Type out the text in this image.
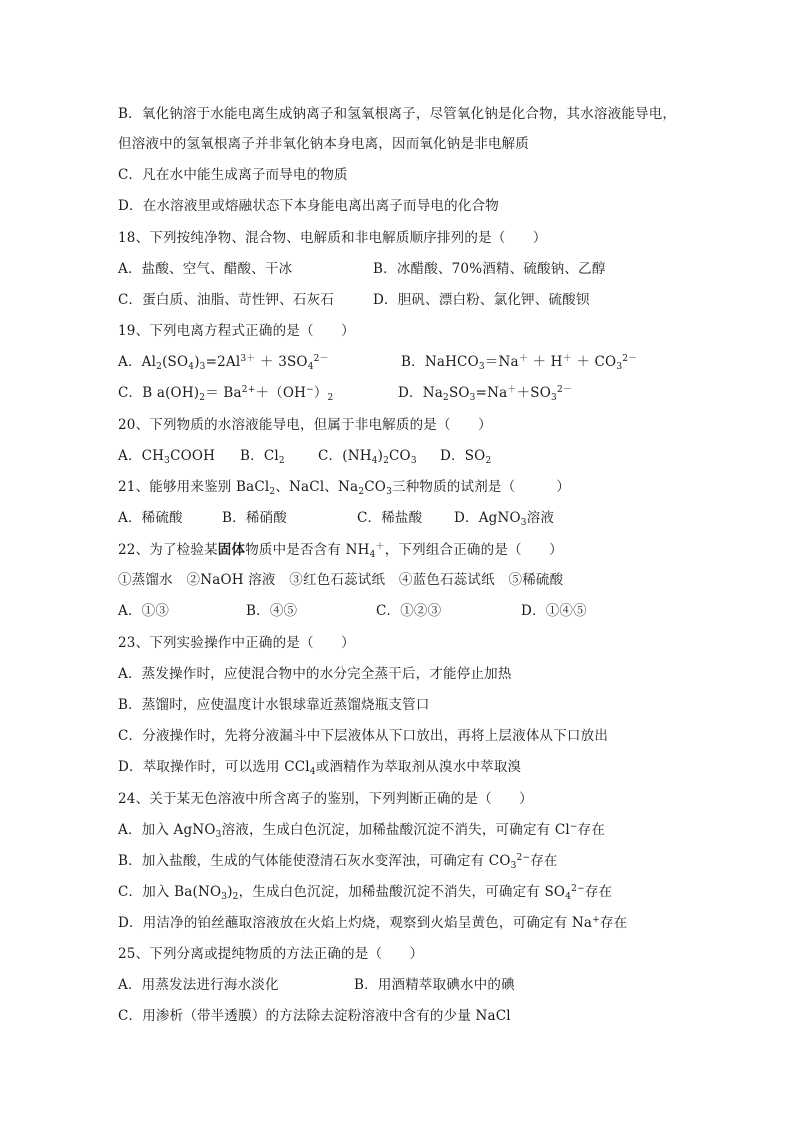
B．氧化钠溶于水能电离生成钠离子和氢氧根离子，尽管氧化钠是化合物，其水溶液能导电，
但溶液中的氢氧根离子并非氧化钠本身电离，因而氧化钠是非电解质
C．凡在水中能生成离子而导电的物质
D．在水溶液里或熔融状态下本身能电离出离子而导电的化合物
18、下列按纯净物、混合物、电解质和非电解质顺序排列的是（　　）
A．盐酸、空气、醋酸、干冰	B．冰醋酸、70%酒精、硫酸钠、乙醇
C．蛋白质、油脂、苛性钾、石灰石	D．胆矾、漂白粉、氯化钾、硫酸钡
19、下列电离方程式正确的是（　　）
A．$Al_2(SO_4)_3=2Al^{3+} + 3SO_4^{2-}$	B．NaHCO$_3$＝Na＋ ＋ $H^+ + CO_3^{2-}$
C．B $a(OH)_2= Ba^{2+}+(OH^-)_2$	D．$Na_2SO_3=Na^++SO_3^{2-}$
20、下列物质的水溶液能导电，但属于非电解质的是（　　）
A．$CH_3COOH$ B．$Cl_2$ C．$(NH_4)_2CO_3$ D．$SO_2$
21、能够用来鉴别 BaCl$_2$、NaCl、$Na_2CO_3$三种物质的试剂是（　　　）
A．稀硫酸	B．稀硝酸	C．稀盐酸 D．AgNO$_3$溶液
22、为了检验某固体物质中是否含有 $NH_4^+$，下列组合正确的是（　　）
①蒸馏水　②NaOH 溶液　③红色石蕊试纸　④蓝色石蕊试纸　⑤稀硫酸
A．①③	B．④⑤	C．①②③	D．①④⑤
23、下列实验操作中正确的是（　　）
A．蒸发操作时，应使混合物中的水分完全蒸干后，才能停止加热
B．蒸馏时，应使温度计水银球靠近蒸馏烧瓶支管口
C．分液操作时，先将分液漏斗中下层液体从下口放出，再将上层液体从下口放出
D．萃取操作时，可以选用 CCl$_4$或酒精作为萃取剂从溴水中萃取溴
24、关于某无色溶液中所含离子的鉴别，下列判断正确的是（　　）
A．加入 AgNO$_3$溶液，生成白色沉淀，加稀盐酸沉淀不消失，可确定有 Cl−存在
B．加入盐酸，生成的气体能使澄清石灰水变浑浊，可确定有 $CO_3^{2-}$存在
C．加入 $Ba(NO_3)_2$，生成白色沉淀，加稀盐酸沉淀不消失，可确定有 $SO_4^{2-}$存在
D．用洁净的铂丝蘸取溶液放在火焰上灼烧，观察到火焰呈黄色，可确定有 Na+存在
25、下列分离或提纯物质的方法正确的是（　　）
A．用蒸发法进行海水淡化	B．用酒精萃取碘水中的碘
C．用渗析（带半透膜）的方法除去淀粉溶液中含有的少量 NaCl
